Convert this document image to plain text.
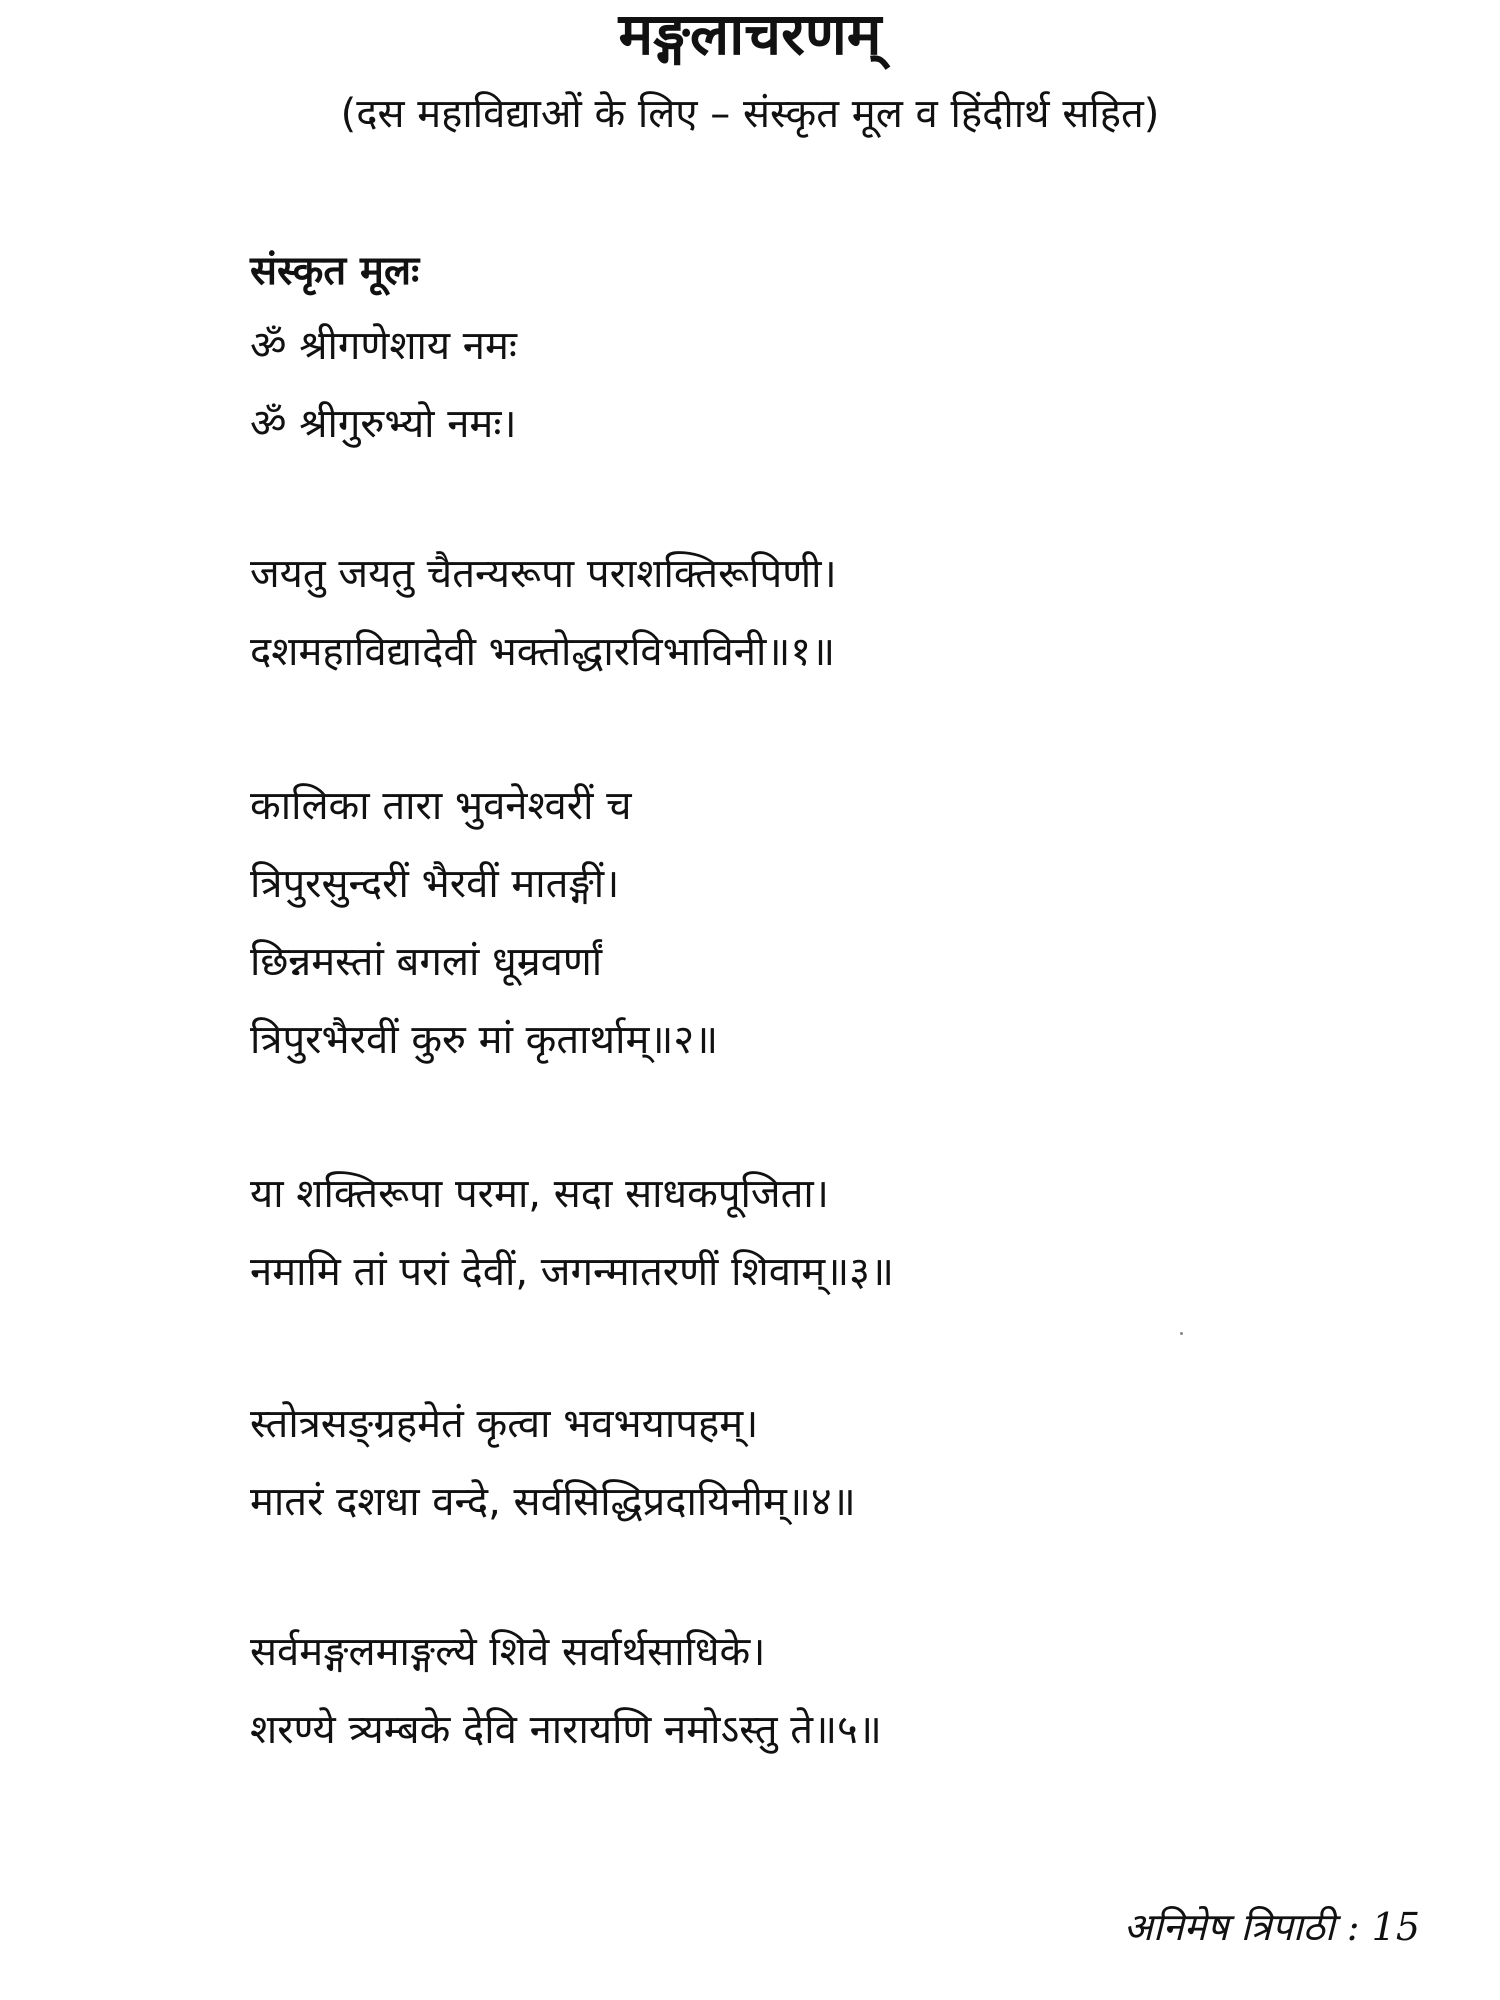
मङ्गलाचरणम्

(दस महाविद्याओं के लिए – संस्कृत मूल व हिंदीार्थ सहित)

संस्कृत मूलः

ॐ श्रीगणेशाय नमः

ॐ श्रीगुरुभ्यो नमः।

जयतु जयतु चैतन्यरूपा पराशक्तिरूपिणी।
दशमहाविद्यादेवी भक्तोद्धारविभाविनी॥१॥
कालिका तारा भुवनेश्वरीं च
त्रिपुरसुन्दरीं भैरवीं मातङ्गीं।
छिन्नमस्तां बगलां धूम्रवर्णां
त्रिपुरभैरवीं कुरु मां कृतार्थाम्॥२॥
या शक्तिरूपा परमा, सदा साधकपूजिता।
नमामि तां परां देवीं, जगन्मातरणीं शिवाम्॥३॥
स्तोत्रसङ्ग्रहमेतं कृत्वा भवभयापहम्।
मातरं दशधा वन्दे, सर्वसिद्धिप्रदायिनीम्॥४॥
सर्वमङ्गलमाङ्गल्ये शिवे सर्वार्थसाधिके।
शरण्ये त्र्यम्बके देवि नारायणि नमोऽस्तु ते॥५॥
अनिमेष त्रिपाठी : 15
